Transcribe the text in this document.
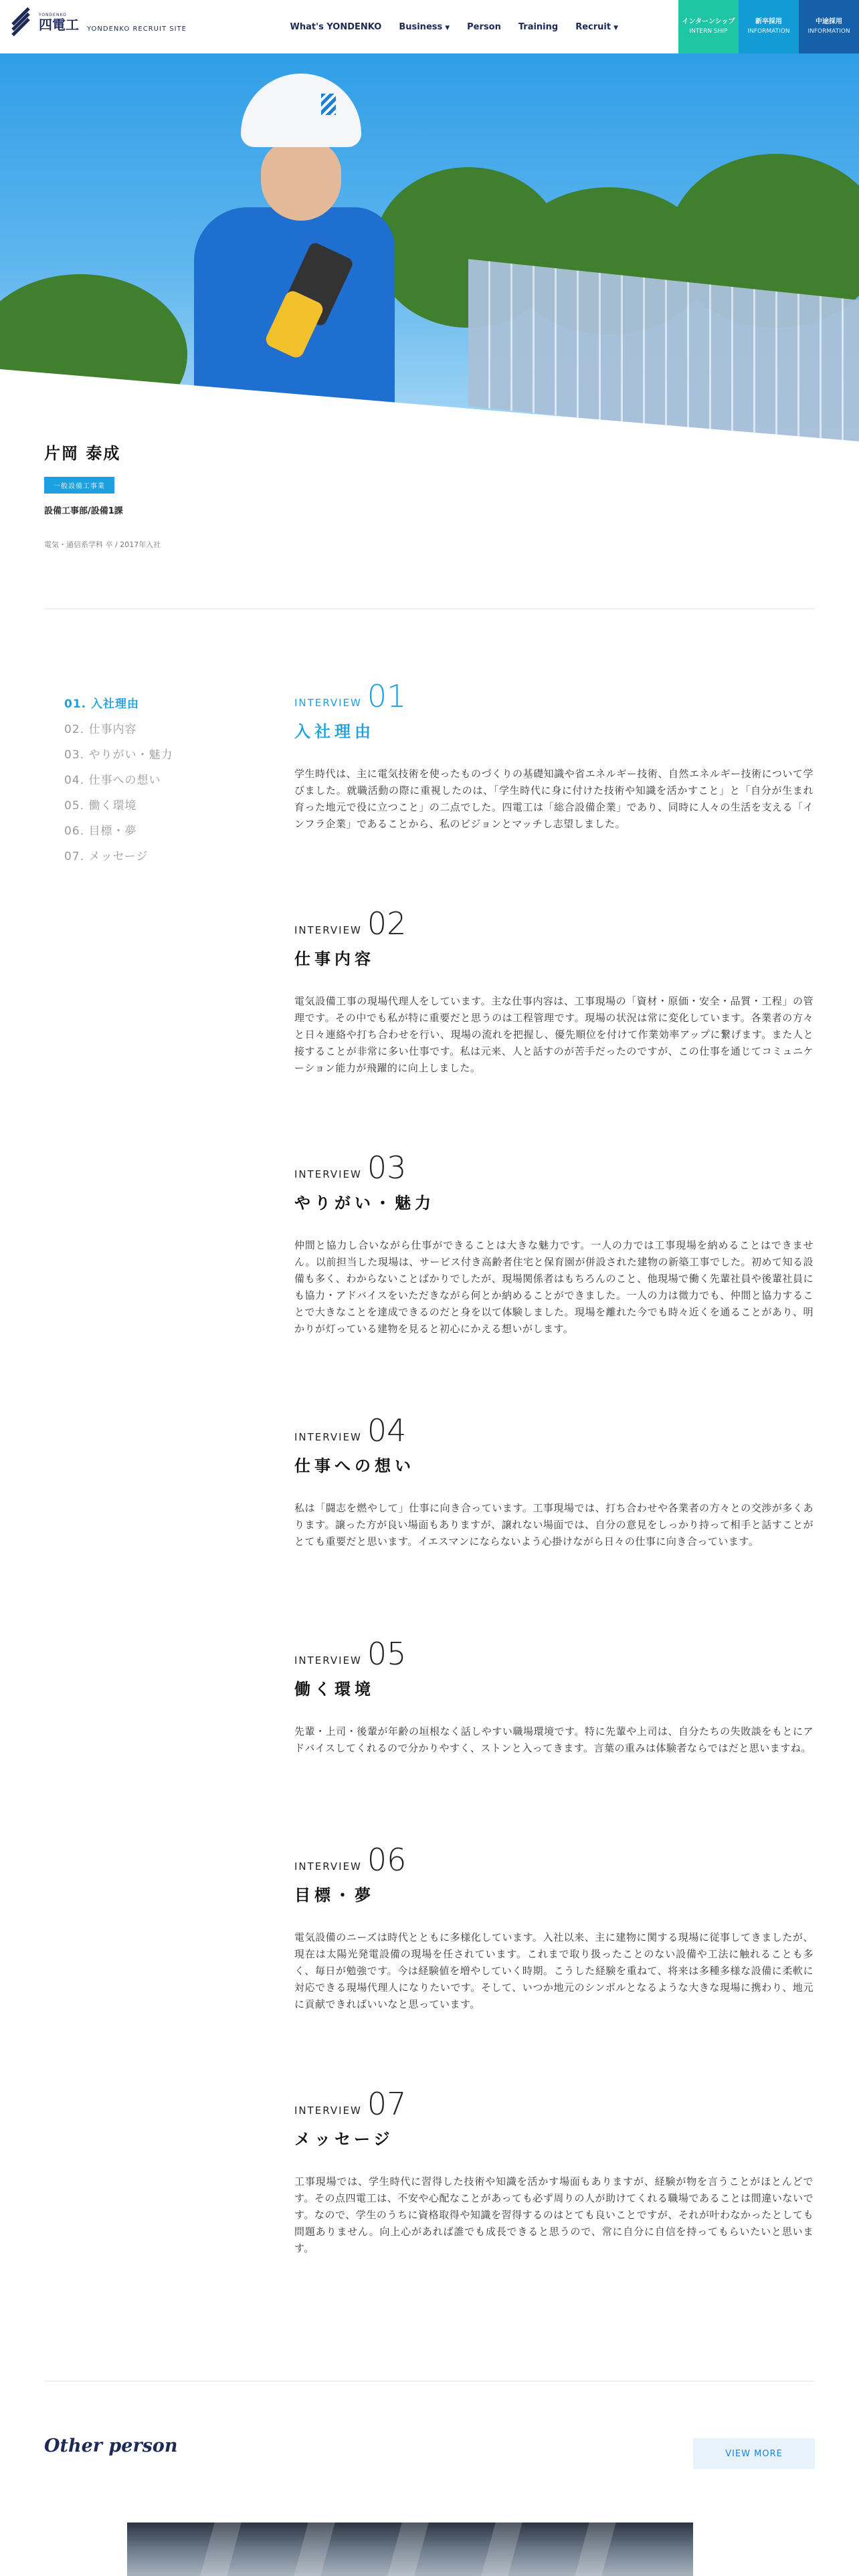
YONDENKO
四電工 YONDENKO RECRUIT SITE	What's YONDENKO Business ▼ Person Training Recruit ▼
インターンシップ
INTERN SHIP
新卒採用
INFORMATION
中途採用
INFORMATION
片岡 泰成
一般設備工事業
設備工事部/設備1課
電気・通信系学科 卒 / 2017年入社
01. 入社理由
02. 仕事内容
03. やりがい・魅力
04. 仕事への想い
05. 働く環境
06. 目標・夢
07. メッセージ
INTERVIEW 01
入社理由

学生時代は、主に電気技術を使ったものづくりの基礎知識や省エネルギー技術、自然エネルギー技術について学びました。就職活動の際に重視したのは、「学生時代に身に付けた技術や知識を活かすこと」と「自分が生まれ育った地元で役に立つこと」の二点でした。四電工は「総合設備企業」であり、同時に人々の生活を支える「インフラ企業」であることから、私のビジョンとマッチし志望しました。

INTERVIEW 02
仕事内容

電気設備工事の現場代理人をしています。主な仕事内容は、工事現場の「資材・原価・安全・品質・工程」の管理です。その中でも私が特に重要だと思うのは工程管理です。現場の状況は常に変化しています。各業者の方々と日々連絡や打ち合わせを行い、現場の流れを把握し、優先順位を付けて作業効率アップに繋げます。また人と接することが非常に多い仕事です。私は元来、人と話すのが苦手だったのですが、この仕事を通じてコミュニケーション能力が飛躍的に向上しました。

INTERVIEW 03
やりがい・魅力

仲間と協力し合いながら仕事ができることは大きな魅力です。一人の力では工事現場を納めることはできません。以前担当した現場は、サービス付き高齢者住宅と保育園が併設された建物の新築工事でした。初めて知る設備も多く、わからないことばかりでしたが、現場関係者はもちろんのこと、他現場で働く先輩社員や後輩社員にも協力・アドバイスをいただきながら何とか納めることができました。一人の力は微力でも、仲間と協力することで大きなことを達成できるのだと身を以て体験しました。現場を離れた今でも時々近くを通ることがあり、明かりが灯っている建物を見ると初心にかえる想いがします。

INTERVIEW 04
仕事への想い

私は「闘志を燃やして」仕事に向き合っています。工事現場では、打ち合わせや各業者の方々との交渉が多くあります。譲った方が良い場面もありますが、譲れない場面では、自分の意見をしっかり持って相手と話すことがとても重要だと思います。イエスマンにならないよう心掛けながら日々の仕事に向き合っています。

INTERVIEW 05
働く環境

先輩・上司・後輩が年齢の垣根なく話しやすい職場環境です。特に先輩や上司は、自分たちの失敗談をもとにアドバイスしてくれるので分かりやすく、ストンと入ってきます。言葉の重みは体験者ならではだと思いますね。

INTERVIEW 06
目標・夢

電気設備のニーズは時代とともに多様化しています。入社以来、主に建物に関する現場に従事してきましたが、現在は太陽光発電設備の現場を任されています。これまで取り扱ったことのない設備や工法に触れることも多く、毎日が勉強です。今は経験値を増やしていく時期。こうした経験を重ねて、将来は多種多様な設備に柔軟に対応できる現場代理人になりたいです。そして、いつか地元のシンボルとなるような大きな現場に携わり、地元に貢献できればいいなと思っています。

INTERVIEW 07
メッセージ

工事現場では、学生時代に習得した技術や知識を活かす場面もありますが、経験が物を言うことがほとんどです。その点四電工は、不安や心配なことがあっても必ず周りの人が助けてくれる職場であることは間違いないです。なので、学生のうちに資格取得や知識を習得するのはとても良いことですが、それが叶わなかったとしても問題ありません。向上心があれば誰でも成長できると思うので、常に自分に自信を持ってもらいたいと思います。

Other person	VIEW MORE
